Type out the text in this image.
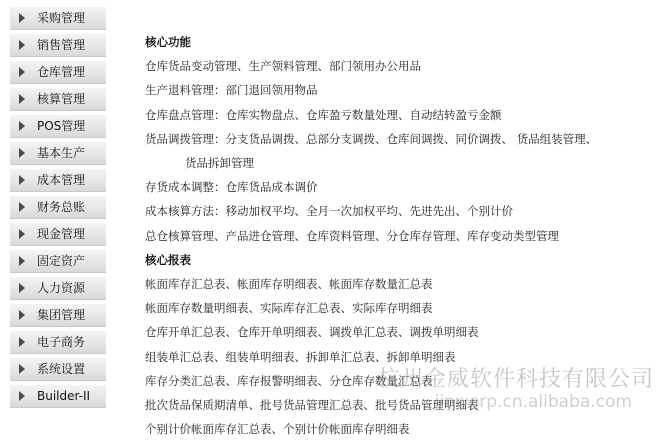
采购管理
销售管理
仓库管理
核算管理
POS管理
基本生产
成本管理
财务总账
现金管理
固定资产
人力资源
集团管理
电子商务
系统设置
Builder-II
核心功能
仓库货品变动管理、生产领料管理、部门领用办公用品
生产退料管理：部门退回领用物品
仓库盘点管理：仓库实物盘点、仓库盈亏数量处理、自动结转盈亏金额
货品调拨管理：分支货品调拨、总部分支调拨、仓库间调拨、同价调拨、 货品组装管理、
货品拆卸管理
存货成本调整：仓库货品成本调价
成本核算方法：移动加权平均、全月一次加权平均、先进先出、个别计价
总仓核算管理、产品进仓管理、仓库资料管理、分仓库存管理、库存变动类型管理
核心报表
帐面库存汇总表、帐面库存明细表、帐面库存数量汇总表
帐面库存数量明细表、实际库存汇总表、实际库存明细表
仓库开单汇总表、仓库开单明细表、调拨单汇总表、调拨单明细表
组装单汇总表、组装单明细表、拆卸单汇总表、拆卸单明细表
库存分类汇总表、库存报警明细表、分仓库存数量汇总表
批次货品保质期清单、批号货品管理汇总表、批号货品管理明细表
个别计价帐面库存汇总表、个别计价帐面库存明细表
杭州金威软件科技有限公司
jinwerp.cn.alibaba.com
